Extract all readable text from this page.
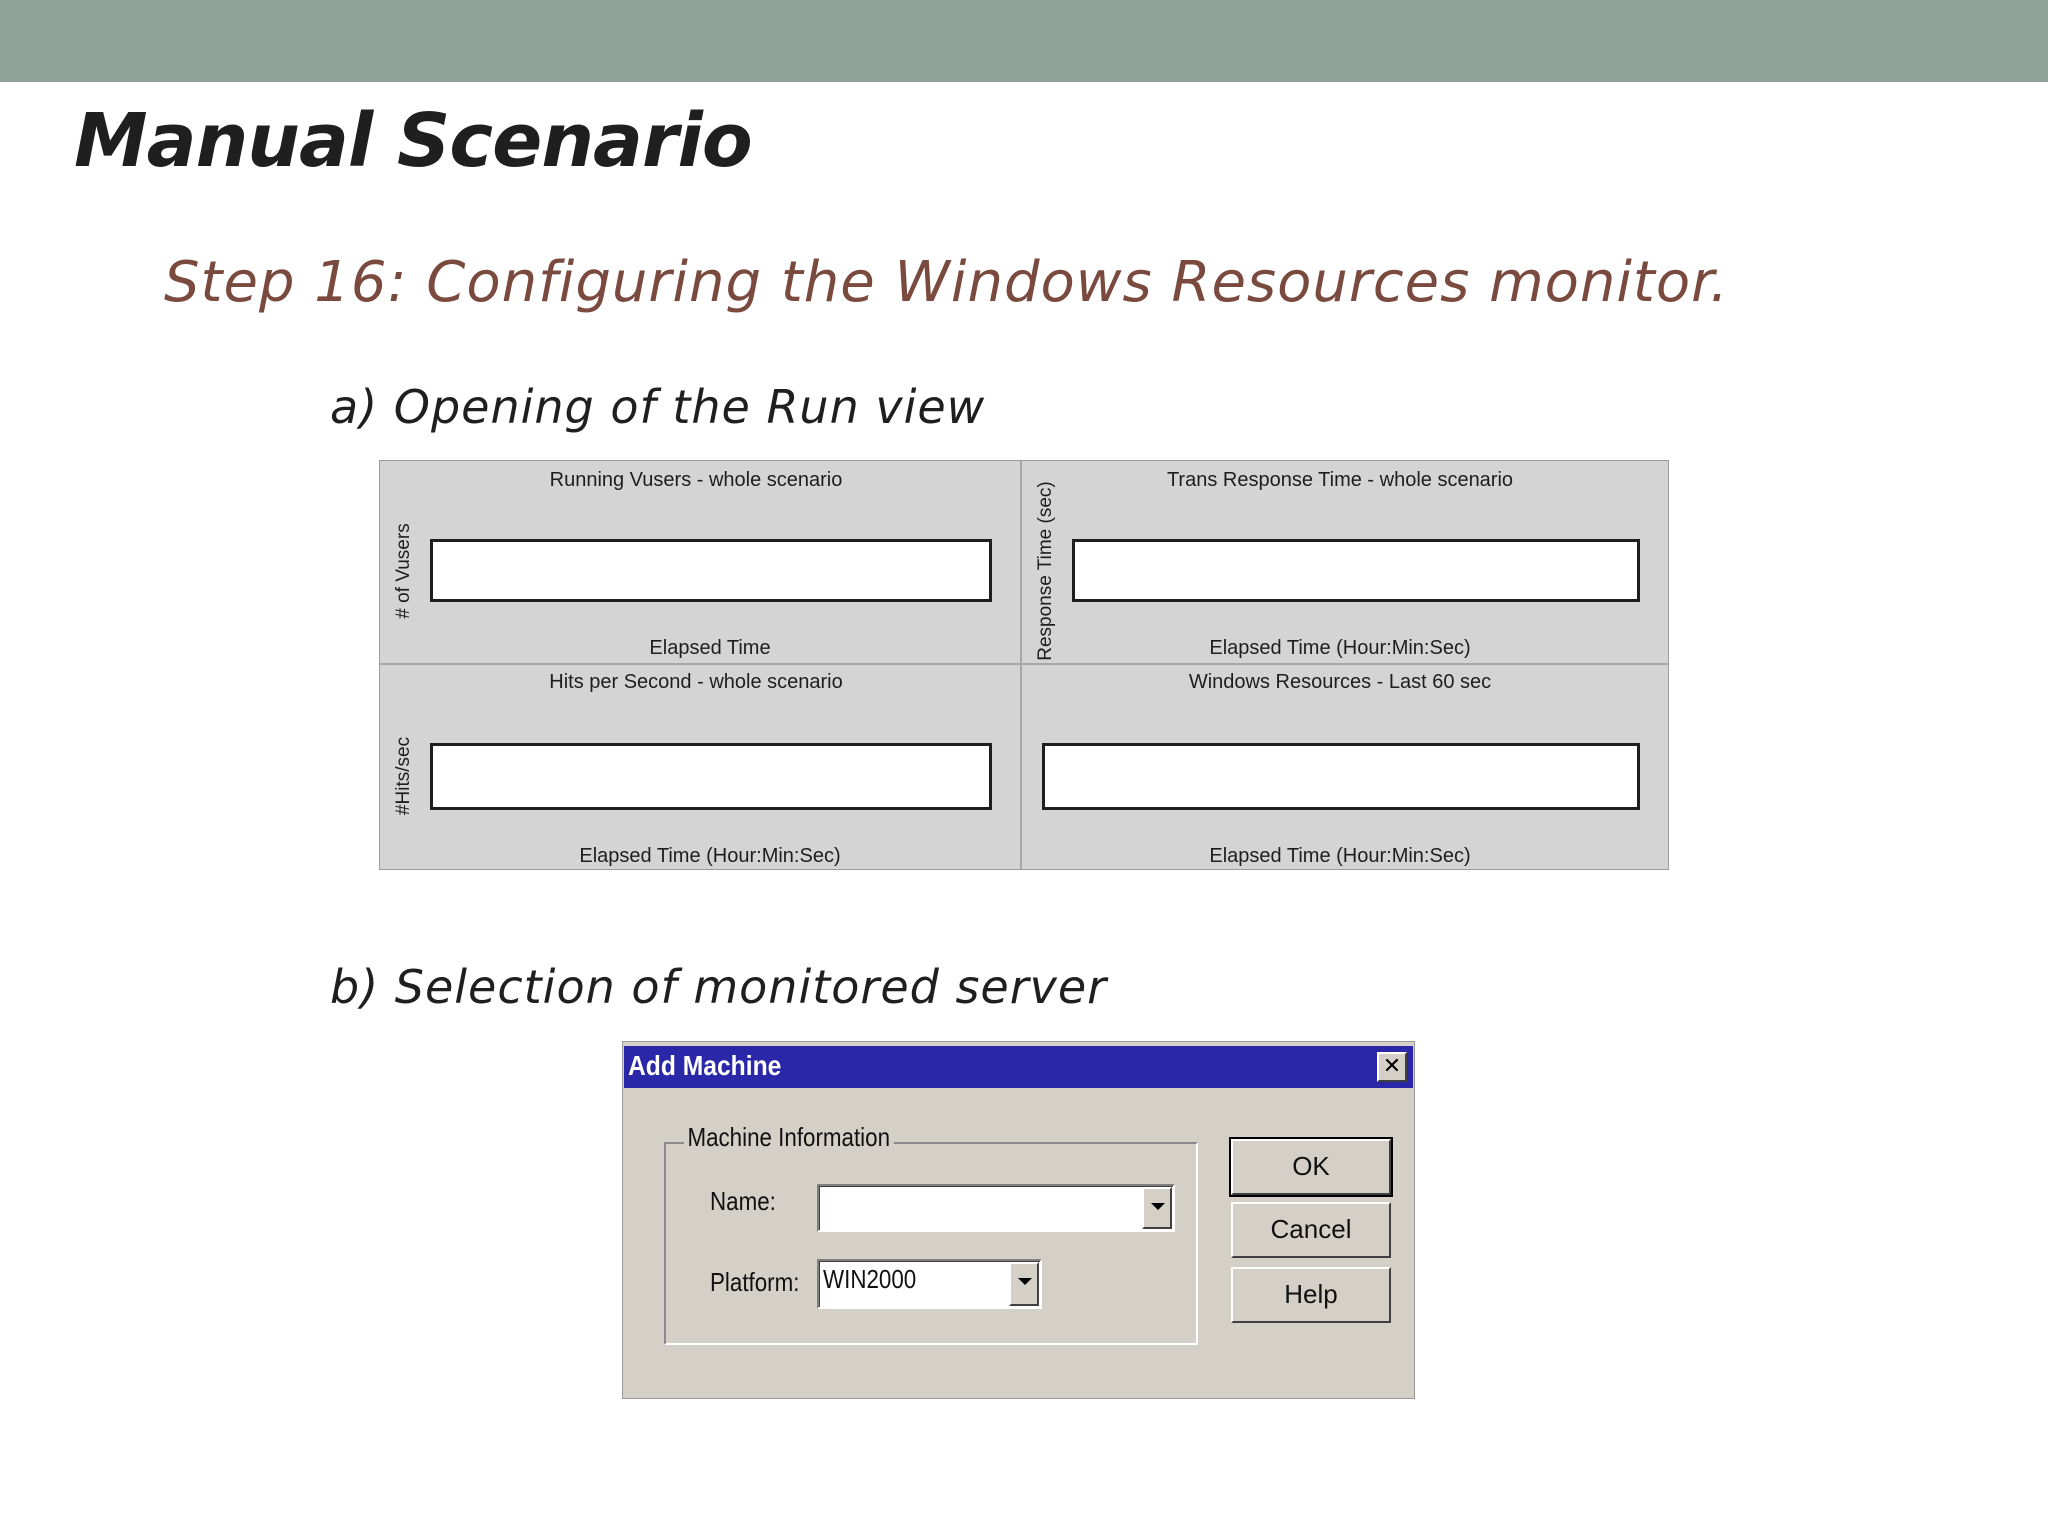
Manual Scenario
Step 16: Configuring the Windows Resources monitor.
a) Opening of the Run view
Running Vusers - whole scenario
# of Vusers
Elapsed Time
Trans Response Time - whole scenario
Response Time (sec)	Elapsed Time (Hour:Min:Sec)
Hits per Second - whole scenario
#Hits/sec
Elapsed Time (Hour:Min:Sec)
Windows Resources - Last 60 sec
Elapsed Time (Hour:Min:Sec)
b) Selection of monitored server
Add Machine	✕
Machine Information
Name:
Platform: WIN2000
OK
Cancel
Help
